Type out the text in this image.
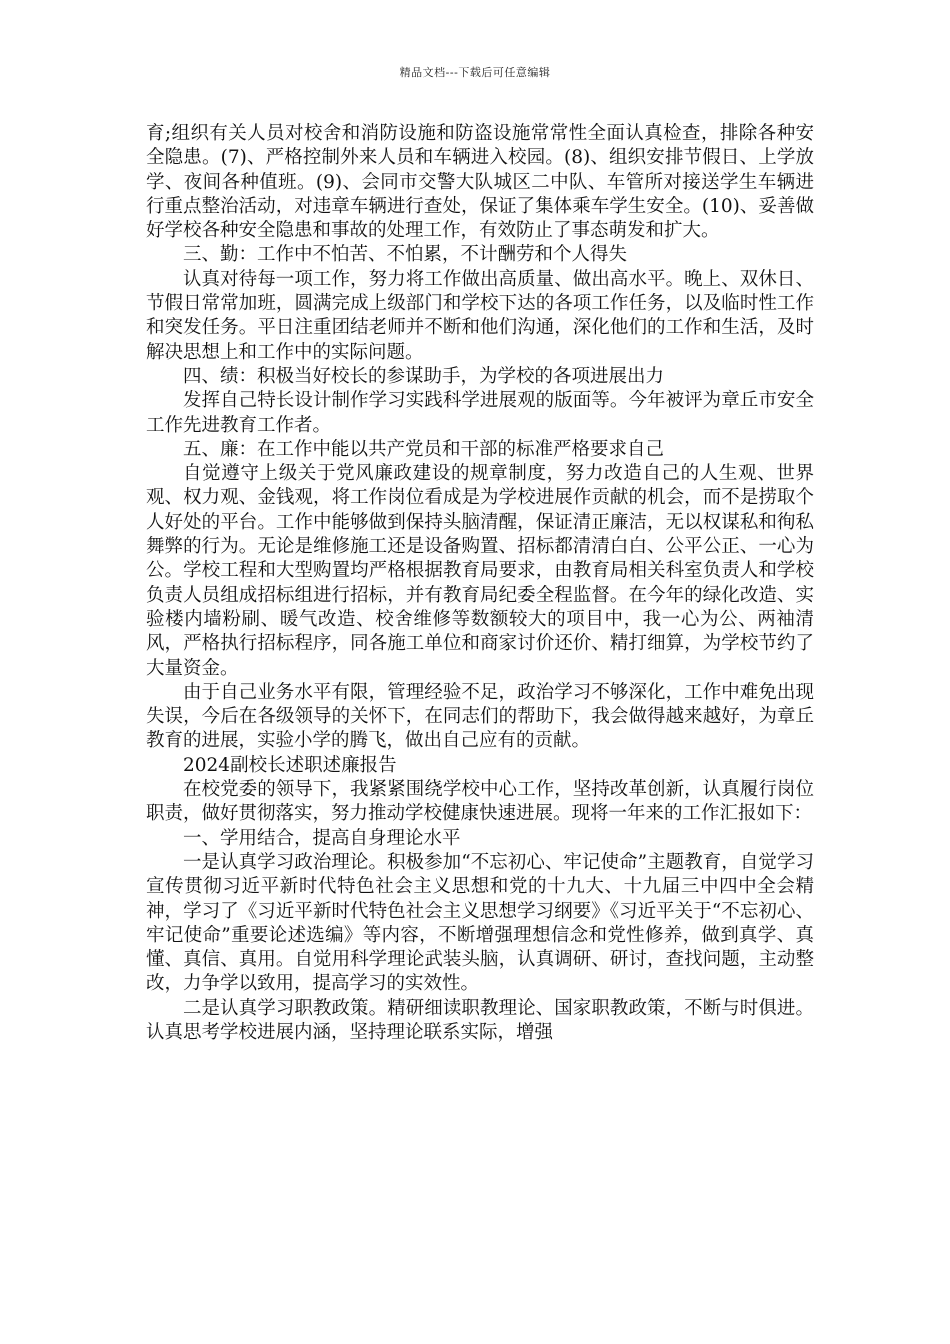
精品文档---下载后可任意编辑

育;组织有关人员对校舍和消防设施和防盗设施常常性全面认真检查，排除各种安全隐患。(7)、严格控制外来人员和车辆进入校园。(8)、组织安排节假日、上学放学、夜间各种值班。(9)、会同市交警大队城区二中队、车管所对接送学生车辆进行重点整治活动，对违章车辆进行查处，保证了集体乘车学生安全。(10)、妥善做好学校各种安全隐患和事故的处理工作，有效防止了事态萌发和扩大。

三、勤：工作中不怕苦、不怕累，不计酬劳和个人得失

认真对待每一项工作，努力将工作做出高质量、做出高水平。晚上、双休日、节假日常常加班，圆满完成上级部门和学校下达的各项工作任务，以及临时性工作和突发任务。平日注重团结老师并不断和他们沟通，深化他们的工作和生活，及时解决思想上和工作中的实际问题。

四、绩：积极当好校长的参谋助手，为学校的各项进展出力

发挥自己特长设计制作学习实践科学进展观的版面等。今年被评为章丘市安全工作先进教育工作者。

五、廉：在工作中能以共产党员和干部的标准严格要求自己

自觉遵守上级关于党风廉政建设的规章制度，努力改造自己的人生观、世界观、权力观、金钱观，将工作岗位看成是为学校进展作贡献的机会，而不是捞取个人好处的平台。工作中能够做到保持头脑清醒，保证清正廉洁，无以权谋私和徇私舞弊的行为。无论是维修施工还是设备购置、招标都清清白白、公平公正、一心为公。学校工程和大型购置均严格根据教育局要求，由教育局相关科室负责人和学校负责人员组成招标组进行招标，并有教育局纪委全程监督。在今年的绿化改造、实验楼内墙粉刷、暖气改造、校舍维修等数额较大的项目中，我一心为公、两袖清风，严格执行招标程序，同各施工单位和商家讨价还价、精打细算，为学校节约了大量资金。

由于自己业务水平有限，管理经验不足，政治学习不够深化，工作中难免出现失误，今后在各级领导的关怀下，在同志们的帮助下，我会做得越来越好，为章丘教育的进展，实验小学的腾飞，做出自己应有的贡献。

2024副校长述职述廉报告

在校党委的领导下，我紧紧围绕学校中心工作，坚持改革创新，认真履行岗位职责，做好贯彻落实，努力推动学校健康快速进展。现将一年来的工作汇报如下：

一、学用结合，提高自身理论水平

一是认真学习政治理论。积极参加“不忘初心、牢记使命”主题教育，自觉学习宣传贯彻习近平新时代特色社会主义思想和党的十九大、十九届三中四中全会精神，学习了《习近平新时代特色社会主义思想学习纲要》《习近平关于“不忘初心、牢记使命”重要论述选编》等内容，不断增强理想信念和党性修养，做到真学、真懂、真信、真用。自觉用科学理论武装头脑，认真调研、研讨，查找问题，主动整改，力争学以致用，提高学习的实效性。

二是认真学习职教政策。精研细读职教理论、国家职教政策，不断与时俱进。认真思考学校进展内涵，坚持理论联系实际，增强
